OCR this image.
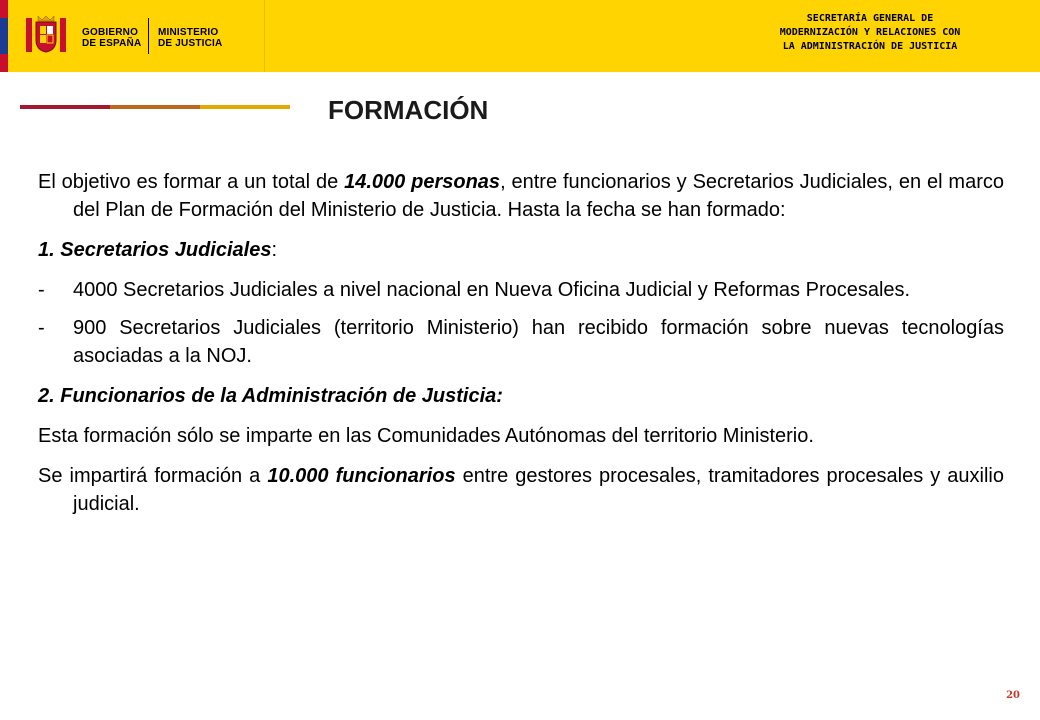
GOBIERNO
DE ESPAÑA
MINISTERIO
DE JUSTICIA
SECRETARÍA GENERAL DE
MODERNIZACIÓN Y RELACIONES CON
LA ADMINISTRACIÓN DE JUSTICIA
FORMACIÓN

El objetivo es formar a un total de 14.000 personas, entre funcionarios y Secretarios Judiciales, en el marco del Plan de Formación del Ministerio de Justicia. Hasta la fecha se han formado:

1. Secretarios Judiciales:

- 4000 Secretarios Judiciales a nivel nacional en Nueva Oficina Judicial y Reformas Procesales.
- 900 Secretarios Judiciales (territorio Ministerio) han recibido formación sobre nuevas tecnologías asociadas a la NOJ.

2. Funcionarios de la Administración de Justicia:

Esta formación sólo se imparte en las Comunidades Autónomas del territorio Ministerio.

Se impartirá formación a 10.000 funcionarios entre gestores procesales, tramitadores procesales y auxilio judicial.

20
